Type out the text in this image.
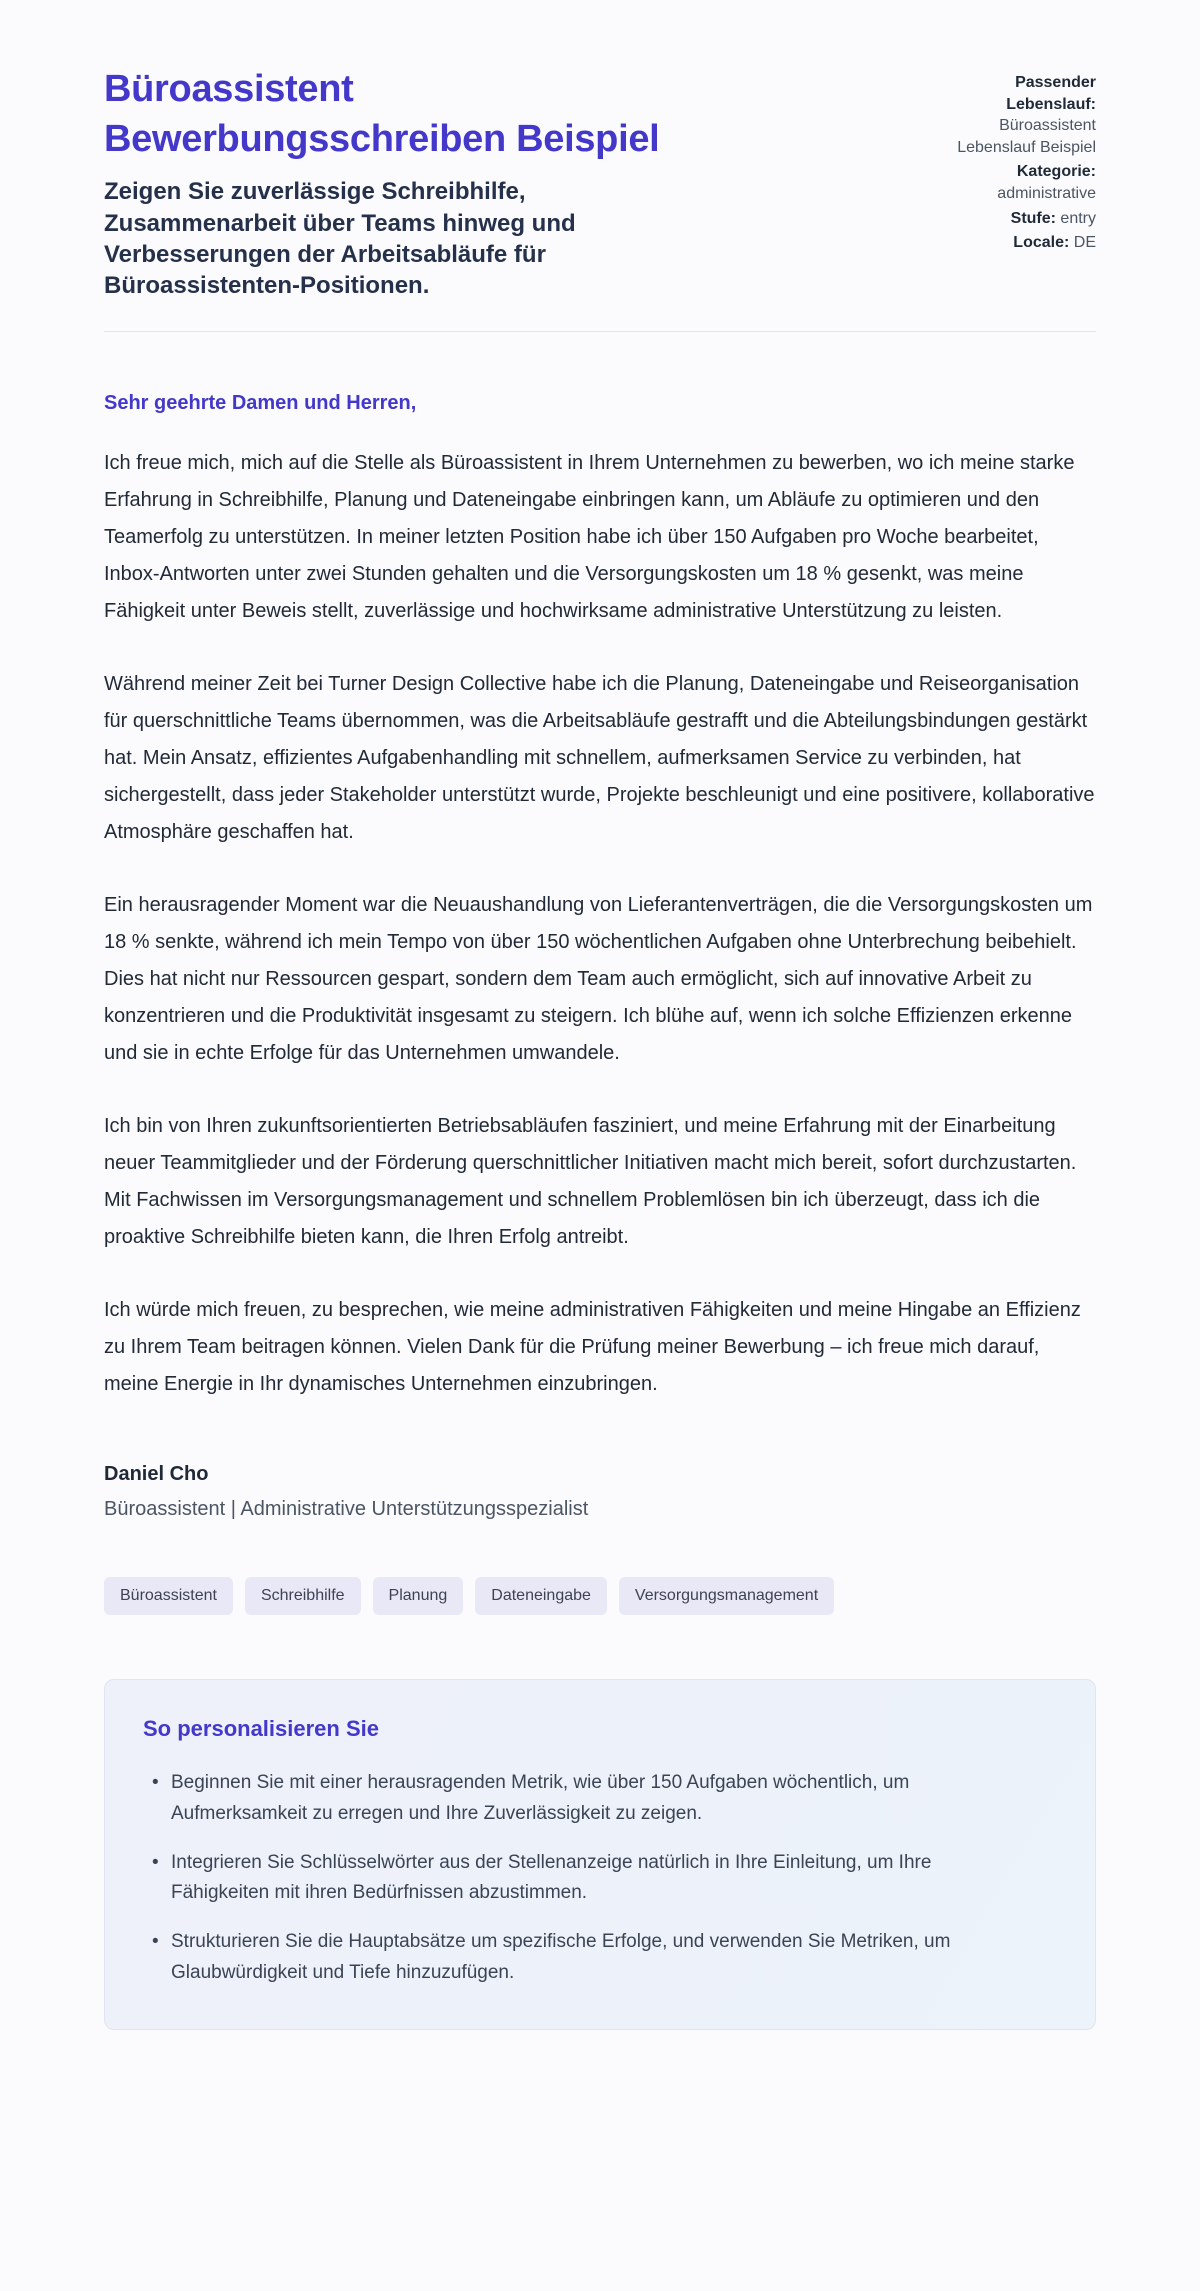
Büroassistent Bewerbungsschreiben Beispiel

Zeigen Sie zuverlässige Schreibhilfe, Zusammenarbeit über Teams hinweg und Verbesserungen der Arbeitsabläufe für Büroassistenten-Positionen.

Passender Lebenslauf: Büroassistent Lebenslauf Beispiel
Kategorie: administrative
Stufe: entry
Locale: DE

Sehr geehrte Damen und Herren,

Ich freue mich, mich auf die Stelle als Büroassistent in Ihrem Unternehmen zu bewerben, wo ich meine starke Erfahrung in Schreibhilfe, Planung und Dateneingabe einbringen kann, um Abläufe zu optimieren und den Teamerfolg zu unterstützen. In meiner letzten Position habe ich über 150 Aufgaben pro Woche bearbeitet, Inbox-Antworten unter zwei Stunden gehalten und die Versorgungskosten um 18 % gesenkt, was meine Fähigkeit unter Beweis stellt, zuverlässige und hochwirksame administrative Unterstützung zu leisten.

Während meiner Zeit bei Turner Design Collective habe ich die Planung, Dateneingabe und Reiseorganisation für querschnittliche Teams übernommen, was die Arbeitsabläufe gestrafft und die Abteilungsbindungen gestärkt hat. Mein Ansatz, effizientes Aufgabenhandling mit schnellem, aufmerksamen Service zu verbinden, hat sichergestellt, dass jeder Stakeholder unterstützt wurde, Projekte beschleunigt und eine positivere, kollaborative Atmosphäre geschaffen hat.

Ein herausragender Moment war die Neuaushandlung von Lieferantenverträgen, die die Versorgungskosten um 18 % senkte, während ich mein Tempo von über 150 wöchentlichen Aufgaben ohne Unterbrechung beibehielt. Dies hat nicht nur Ressourcen gespart, sondern dem Team auch ermöglicht, sich auf innovative Arbeit zu konzentrieren und die Produktivität insgesamt zu steigern. Ich blühe auf, wenn ich solche Effizienzen erkenne und sie in echte Erfolge für das Unternehmen umwandele.

Ich bin von Ihren zukunftsorientierten Betriebsabläufen fasziniert, und meine Erfahrung mit der Einarbeitung neuer Teammitglieder und der Förderung querschnittlicher Initiativen macht mich bereit, sofort durchzustarten. Mit Fachwissen im Versorgungsmanagement und schnellem Problemlösen bin ich überzeugt, dass ich die proaktive Schreibhilfe bieten kann, die Ihren Erfolg antreibt.

Ich würde mich freuen, zu besprechen, wie meine administrativen Fähigkeiten und meine Hingabe an Effizienz zu Ihrem Team beitragen können. Vielen Dank für die Prüfung meiner Bewerbung – ich freue mich darauf, meine Energie in Ihr dynamisches Unternehmen einzubringen.

Daniel Cho

Büroassistent | Administrative Unterstützungsspezialist

Büroassistent	Schreibhilfe	Planung	Dateneingabe	Versorgungsmanagement
So personalisieren Sie
• Beginnen Sie mit einer herausragenden Metrik, wie über 150 Aufgaben wöchentlich, um Aufmerksamkeit zu erregen und Ihre Zuverlässigkeit zu zeigen.
• Integrieren Sie Schlüsselwörter aus der Stellenanzeige natürlich in Ihre Einleitung, um Ihre Fähigkeiten mit ihren Bedürfnissen abzustimmen.
• Strukturieren Sie die Hauptabsätze um spezifische Erfolge, und verwenden Sie Metriken, um Glaubwürdigkeit und Tiefe hinzuzufügen.
